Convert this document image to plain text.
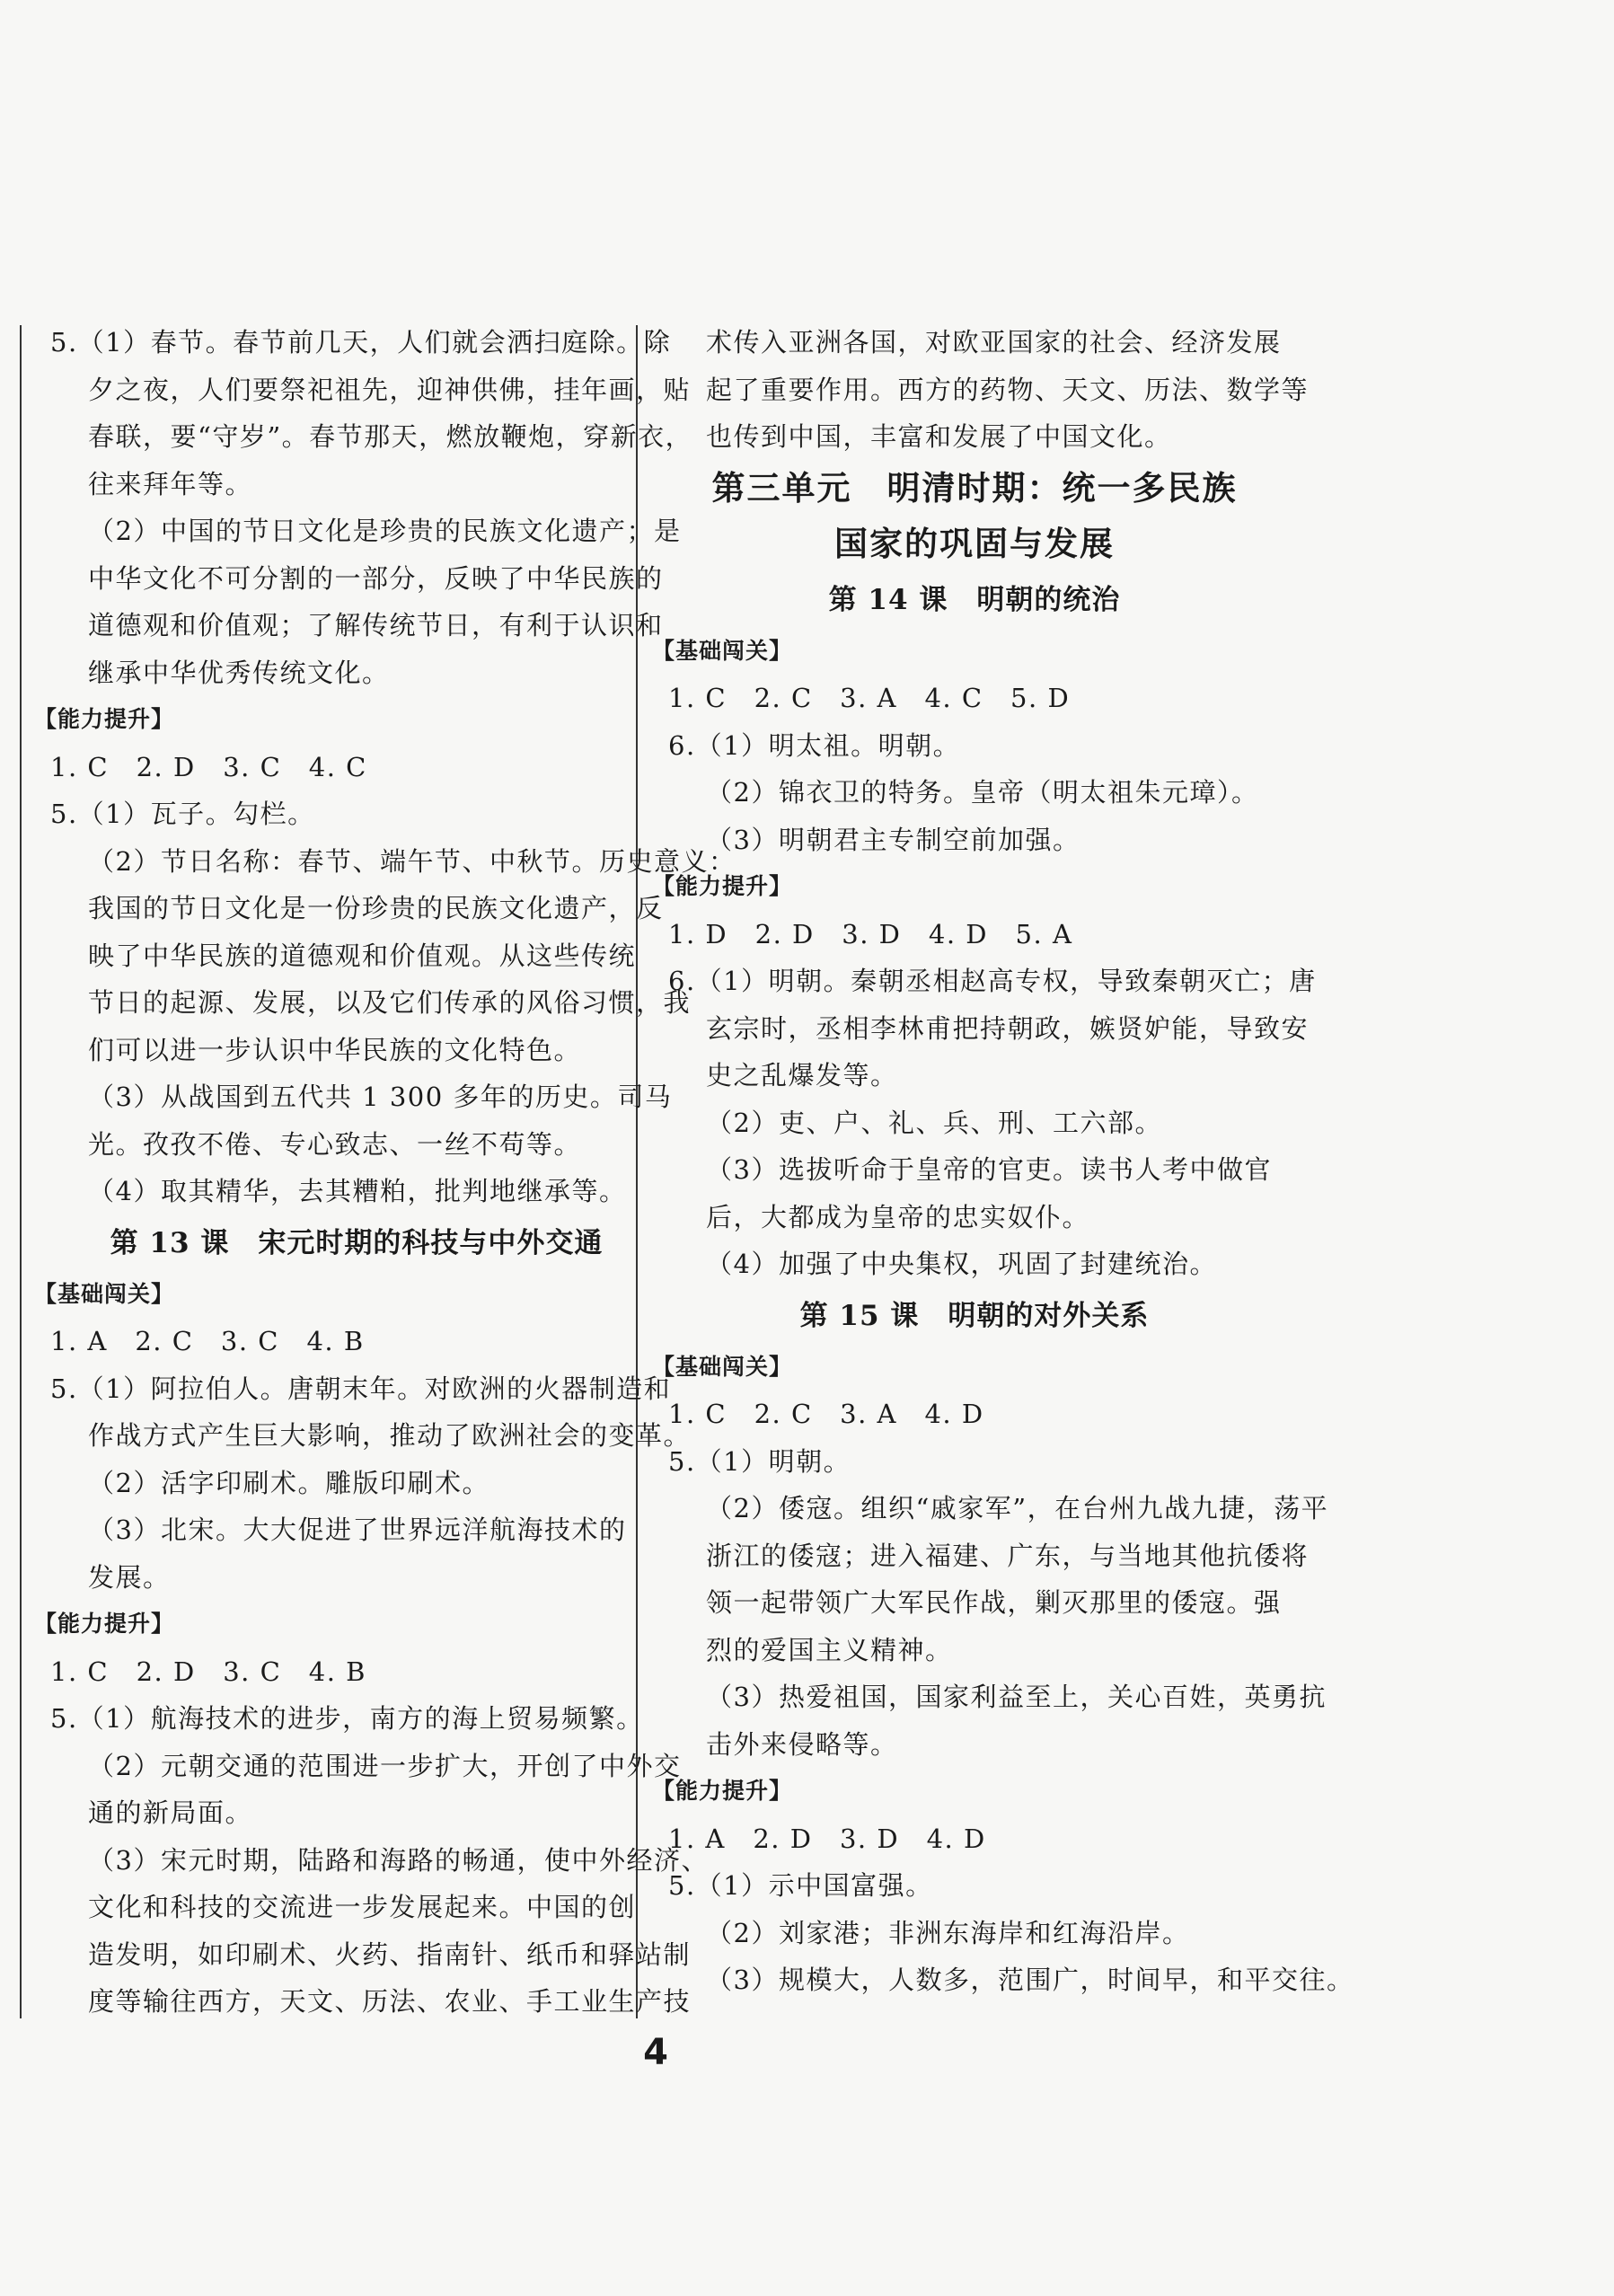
5.（1）春节。春节前几天，人们就会洒扫庭除。除
夕之夜，人们要祭祀祖先，迎神供佛，挂年画，贴
春联，要“守岁”。春节那天，燃放鞭炮，穿新衣，
往来拜年等。
（2）中国的节日文化是珍贵的民族文化遗产；是
中华文化不可分割的一部分，反映了中华民族的
道德观和价值观；了解传统节日，有利于认识和
继承中华优秀传统文化。
【能力提升】
1. C　2. D　3. C　4. C
5.（1）瓦子。勾栏。
（2）节日名称：春节、端午节、中秋节。历史意义：
我国的节日文化是一份珍贵的民族文化遗产，反
映了中华民族的道德观和价值观。从这些传统
节日的起源、发展，以及它们传承的风俗习惯，我
们可以进一步认识中华民族的文化特色。
（3）从战国到五代共 1 300 多年的历史。司马
光。孜孜不倦、专心致志、一丝不苟等。
（4）取其精华，去其糟粕，批判地继承等。
第 13 课　宋元时期的科技与中外交通
【基础闯关】
1. A　2. C　3. C　4. B
5.（1）阿拉伯人。唐朝末年。对欧洲的火器制造和
作战方式产生巨大影响，推动了欧洲社会的变革。
（2）活字印刷术。雕版印刷术。
（3）北宋。大大促进了世界远洋航海技术的
发展。
【能力提升】
1. C　2. D　3. C　4. B
5.（1）航海技术的进步，南方的海上贸易频繁。
（2）元朝交通的范围进一步扩大，开创了中外交
通的新局面。
（3）宋元时期，陆路和海路的畅通，使中外经济、
文化和科技的交流进一步发展起来。中国的创
造发明，如印刷术、火药、指南针、纸币和驿站制
度等输往西方，天文、历法、农业、手工业生产技
术传入亚洲各国，对欧亚国家的社会、经济发展
起了重要作用。西方的药物、天文、历法、数学等
也传到中国，丰富和发展了中国文化。
第三单元　明清时期：统一多民族
国家的巩固与发展
第 14 课　明朝的统治
【基础闯关】
1. C　2. C　3. A　4. C　5. D
6.（1）明太祖。明朝。
（2）锦衣卫的特务。皇帝（明太祖朱元璋）。
（3）明朝君主专制空前加强。
【能力提升】
1. D　2. D　3. D　4. D　5. A
6.（1）明朝。秦朝丞相赵高专权，导致秦朝灭亡；唐
玄宗时，丞相李林甫把持朝政，嫉贤妒能，导致安
史之乱爆发等。
（2）吏、户、礼、兵、刑、工六部。
（3）选拔听命于皇帝的官吏。读书人考中做官
后，大都成为皇帝的忠实奴仆。
（4）加强了中央集权，巩固了封建统治。
第 15 课　明朝的对外关系
【基础闯关】
1. C　2. C　3. A　4. D
5.（1）明朝。
（2）倭寇。组织“戚家军”，在台州九战九捷，荡平
浙江的倭寇；进入福建、广东，与当地其他抗倭将
领一起带领广大军民作战，剿灭那里的倭寇。强
烈的爱国主义精神。
（3）热爱祖国，国家利益至上，关心百姓，英勇抗
击外来侵略等。
【能力提升】
1. A　2. D　3. D　4. D
5.（1）示中国富强。
（2）刘家港；非洲东海岸和红海沿岸。
（3）规模大，人数多，范围广，时间早，和平交往。
4
